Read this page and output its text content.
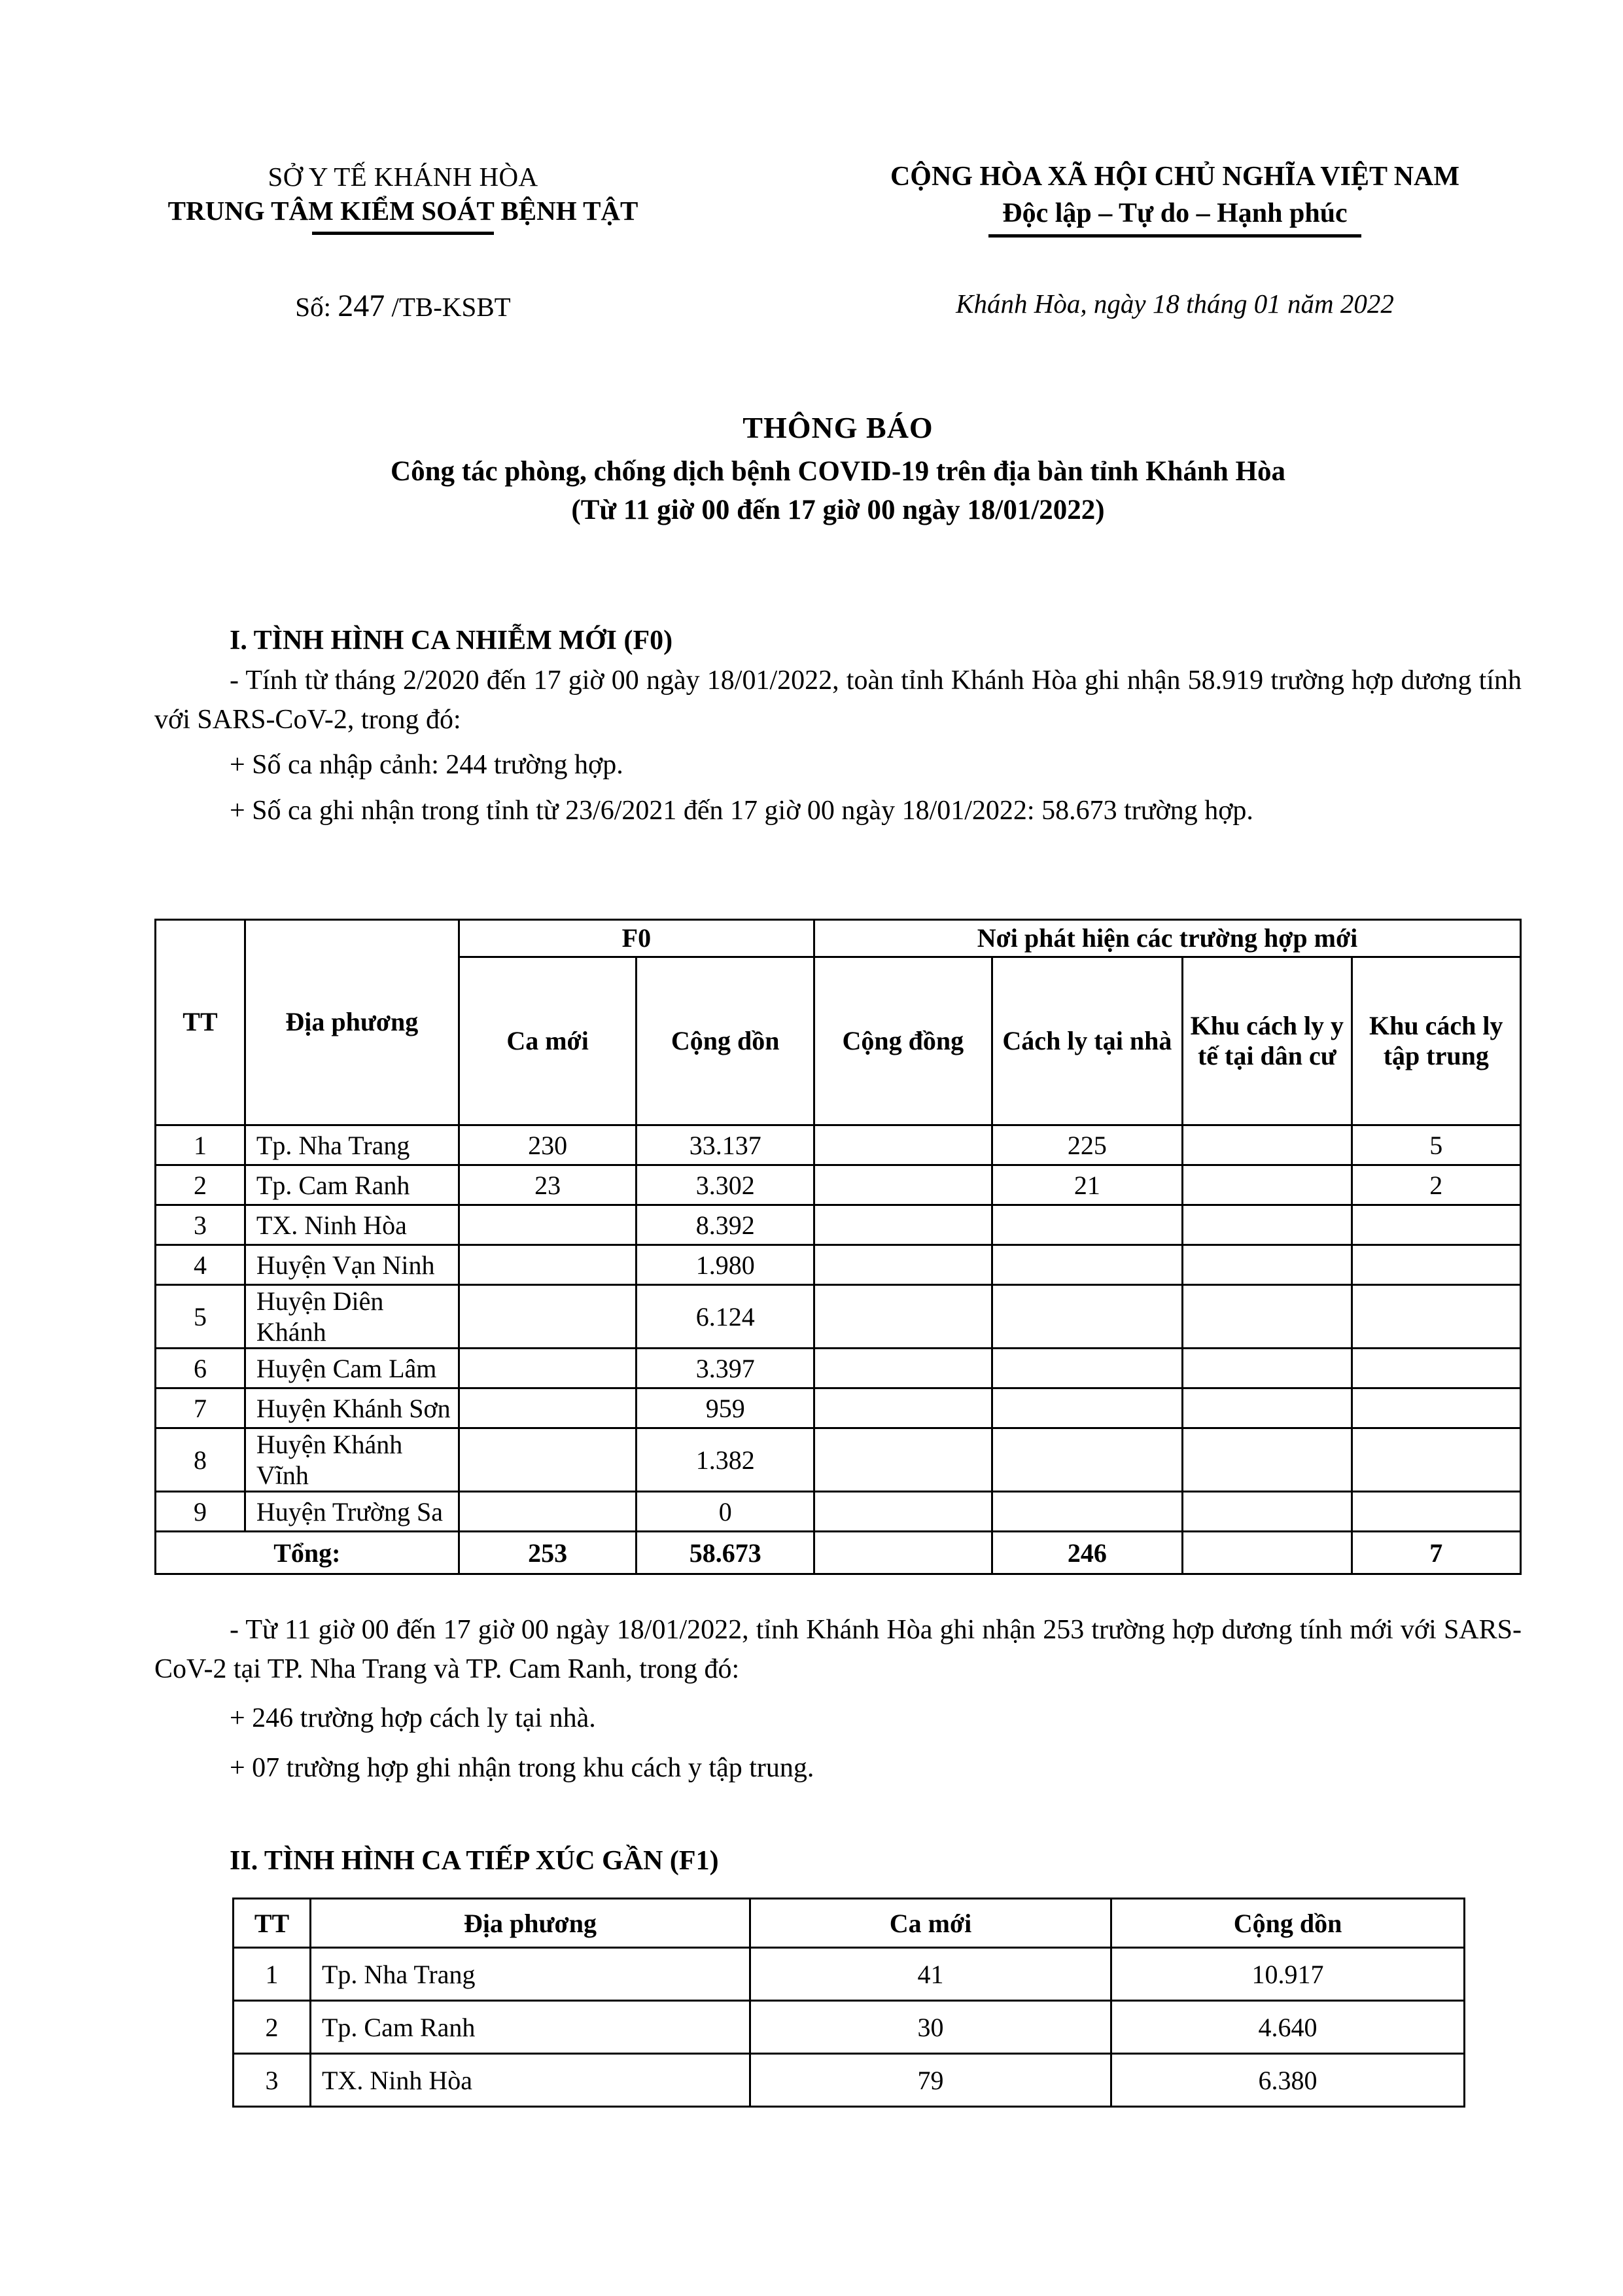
SỞ Y TẾ KHÁNH HÒA
TRUNG TÂM KIỂM SOÁT BỆNH TẬT
CỘNG HÒA XÃ HỘI CHỦ NGHĨA VIỆT NAM
Độc lập – Tự do – Hạnh phúc
Số: 247 /TB-KSBT	Khánh Hòa, ngày 18 tháng 01 năm 2022
THÔNG BÁO
Công tác phòng, chống dịch bệnh COVID-19 trên địa bàn tỉnh Khánh Hòa
(Từ 11 giờ 00 đến 17 giờ 00 ngày 18/01/2022)
I. TÌNH HÌNH CA NHIỄM MỚI (F0)
- Tính từ tháng 2/2020 đến 17 giờ 00 ngày 18/01/2022, toàn tỉnh Khánh Hòa ghi nhận 58.919 trường hợp dương tính với SARS-CoV-2, trong đó:
+ Số ca nhập cảnh: 244 trường hợp.
+ Số ca ghi nhận trong tỉnh từ 23/6/2021 đến 17 giờ 00 ngày 18/01/2022: 58.673 trường hợp.
TT	Địa phương	F0		Nơi phát hiện các trường hợp mới			
		Ca mới	Cộng dồn	Cộng đồng	Cách ly tại nhà	Khu cách ly y tế tại dân cư	Khu cách ly tập trung
1	Tp. Nha Trang	230	33.137		225		5
2	Tp. Cam Ranh	23	3.302		21		2
3	TX. Ninh Hòa		8.392				
4	Huyện Vạn Ninh		1.980				
5	Huyện Diên Khánh		6.124				
6	Huyện Cam Lâm		3.397				
7	Huyện Khánh Sơn		959				
8	Huyện Khánh Vĩnh		1.382				
9	Huyện Trường Sa		0				
Tổng:		253	58.673		246		7
- Từ 11 giờ 00 đến 17 giờ 00 ngày 18/01/2022, tỉnh Khánh Hòa ghi nhận 253 trường hợp dương tính mới với SARS-CoV-2 tại TP. Nha Trang và TP. Cam Ranh, trong đó:
+ 246 trường hợp cách ly tại nhà.
+ 07 trường hợp ghi nhận trong khu cách y tập trung.
II. TÌNH HÌNH CA TIẾP XÚC GẦN (F1)
TT	Địa phương	Ca mới	Cộng dồn
1	Tp. Nha Trang	41	10.917
2	Tp. Cam Ranh	30	4.640
3	TX. Ninh Hòa	79	6.380
